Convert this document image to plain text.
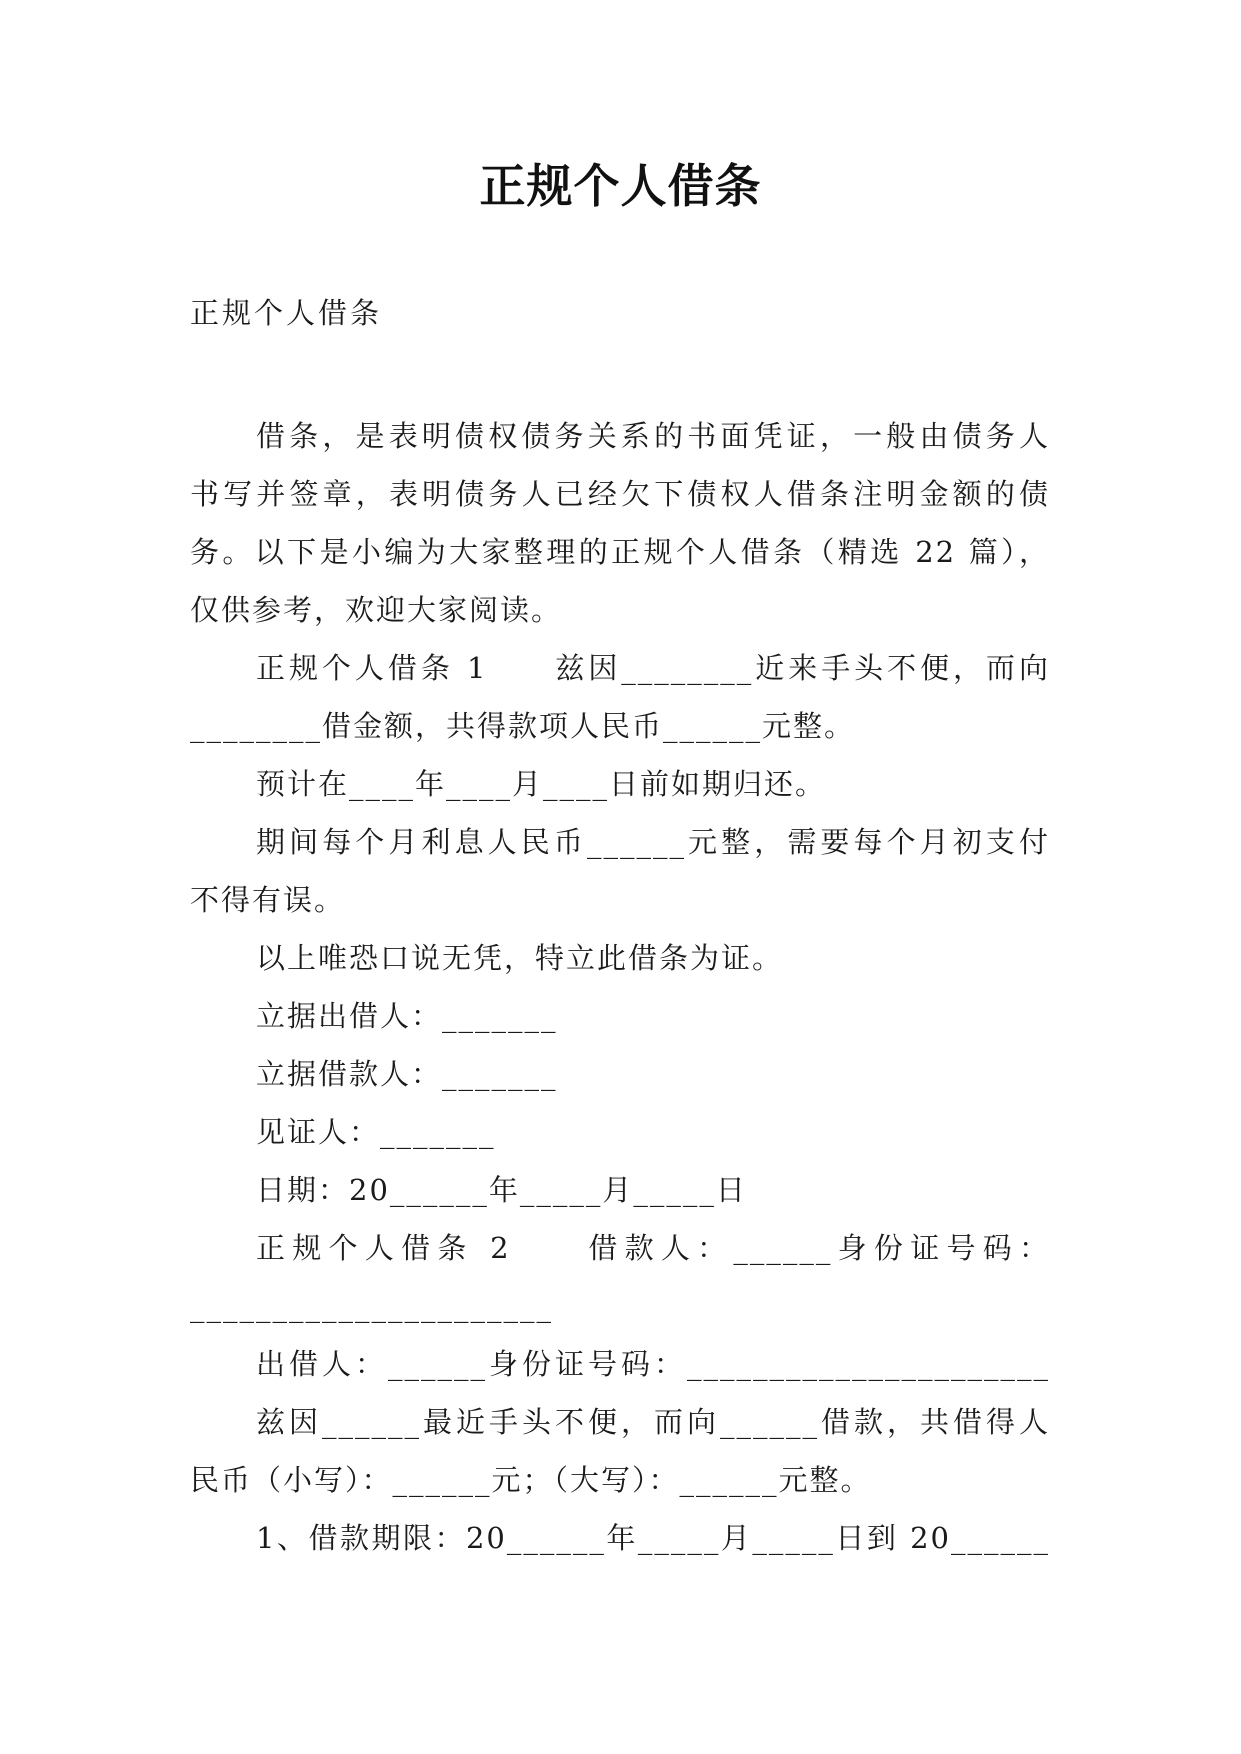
正规个人借条
正规个人借条
借条，是表明债权债务关系的书面凭证，一般由债务人
书写并签章，表明债务人已经欠下债权人借条注明金额的债
务。以下是小编为大家整理的正规个人借条（精选 22 篇），
仅供参考，欢迎大家阅读。
正规个人借条 1　　兹因________近来手头不便，而向
________借金额，共得款项人民币______元整。
预计在____年____月____日前如期归还。
期间每个月利息人民币______元整，需要每个月初支付
不得有误。
以上唯恐口说无凭，特立此借条为证。
立据出借人：_______
立据借款人：_______
见证人：_______
日期：20______年_____月_____日
正规个人借条 2　　借款人：______身份证号码：
______________________
出借人：______身份证号码：______________________
兹因______最近手头不便，而向______借款，共借得人
民币（小写）：______元；（大写）：______元整。
1、借款期限：20______年_____月_____日到 20______
